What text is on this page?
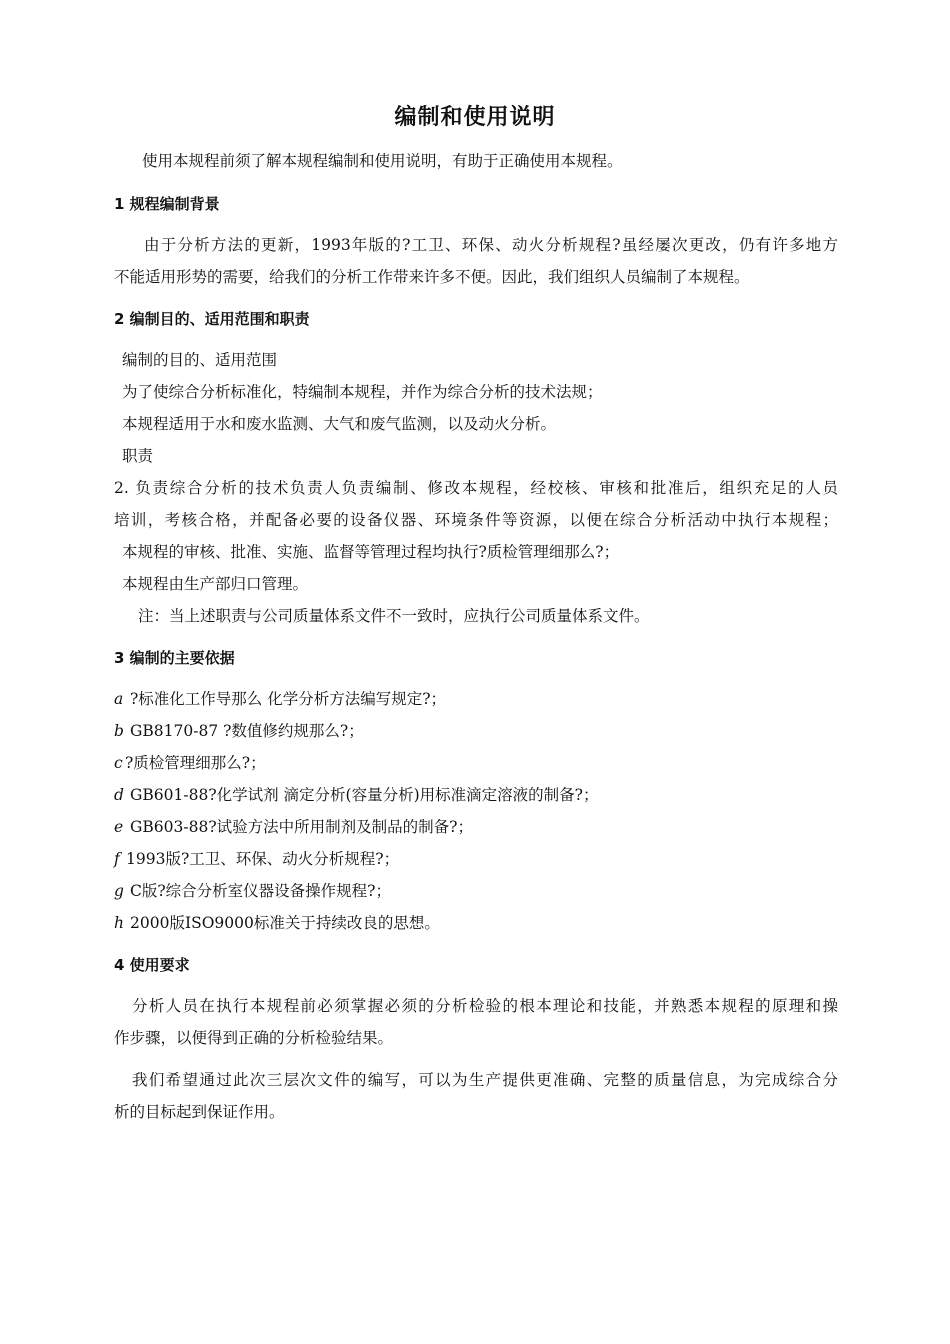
编制和使用说明
使用本规程前须了解本规程编制和使用说明，有助于正确使用本规程。
1 规程编制背景
由于分析方法的更新，1993年版的?工卫、环保、动火分析规程?虽经屡次更改，仍有许多地方
不能适用形势的需要，给我们的分析工作带来许多不便。因此，我们组织人员编制了本规程。
2 编制目的、适用范围和职责
编制的目的、适用范围
为了使综合分析标准化，特编制本规程，并作为综合分析的技术法规；
本规程适用于水和废水监测、大气和废气监测，以及动火分析。
职责
2. 负责综合分析的技术负责人负责编制、修改本规程，经校核、审核和批准后，组织充足的人员
培训，考核合格，并配备必要的设备仪器、环境条件等资源，以便在综合分析活动中执行本规程；
本规程的审核、批准、实施、监督等管理过程均执行?质检管理细那么?；
本规程由生产部归口管理。
注：当上述职责与公司质量体系文件不一致时，应执行公司质量体系文件。
3 编制的主要依据
a ?标准化工作导那么 化学分析方法编写规定?；
b GB8170-87 ?数值修约规那么?；
c ?质检管理细那么?；
d GB601-88?化学试剂 滴定分析(容量分析)用标准滴定溶液的制备?；
e GB603-88?试验方法中所用制剂及制品的制备?；
f 1993版?工卫、环保、动火分析规程?；
g C版?综合分析室仪器设备操作规程?；
h 2000版ISO9000标准关于持续改良的思想。
4 使用要求
分析人员在执行本规程前必须掌握必须的分析检验的根本理论和技能，并熟悉本规程的原理和操
作步骤，以便得到正确的分析检验结果。
我们希望通过此次三层次文件的编写，可以为生产提供更准确、完整的质量信息，为完成综合分
析的目标起到保证作用。
